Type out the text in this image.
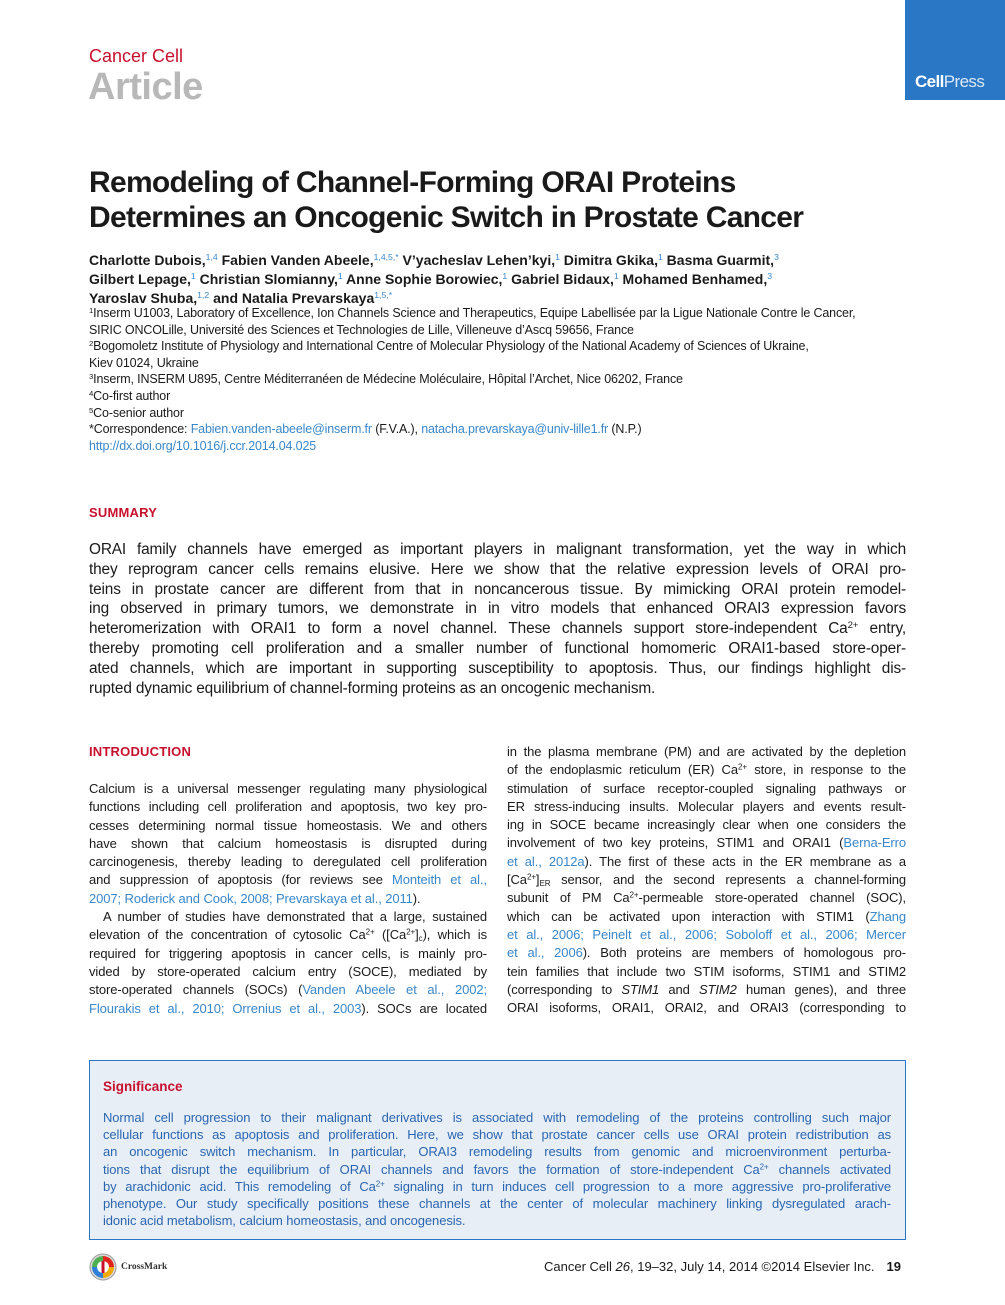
Cancer Cell
Article	CellPress
Remodeling of Channel-Forming ORAI Proteins
Determines an Oncogenic Switch in Prostate Cancer
Charlotte Dubois,$^{1,4}$ Fabien Vanden Abeele,$^{1,4,5,*}$ V’yacheslav Lehen’kyi,$^1$ Dimitra Gkika,$^1$ Basma Guarmit,$^3$
Gilbert Lepage,$^1$ Christian Slomianny,$^1$ Anne Sophie Borowiec,$^1$ Gabriel Bidaux,$^1$ Mohamed Benhamed,$^3$
Yaroslav Shuba,$^{1,2}$ and Natalia Prevarskaya$^{1,5,*}$
$^1$Inserm U1003, Laboratory of Excellence, Ion Channels Science and Therapeutics, Equipe Labellisée par la Ligue Nationale Contre le Cancer,
SIRIC ONCOLille, Université des Sciences et Technologies de Lille, Villeneuve d’Ascq 59656, France
$^2$Bogomoletz Institute of Physiology and International Centre of Molecular Physiology of the National Academy of Sciences of Ukraine,
Kiev 01024, Ukraine
$^3$Inserm, INSERM U895, Centre Méditerranéen de Médecine Moléculaire, Hôpital l’Archet, Nice 06202, France
$^4$Co-first author
$^5$Co-senior author
*Correspondence: Fabien.vanden-abeele@inserm.fr (F.V.A.), natacha.prevarskaya@univ-lille1.fr (N.P.)
http://dx.doi.org/10.1016/j.ccr.2014.04.025
SUMMARY
ORAI family channels have emerged as important players in malignant transformation, yet the way in which
they reprogram cancer cells remains elusive. Here we show that the relative expression levels of ORAI pro-
teins in prostate cancer are different from that in noncancerous tissue. By mimicking ORAI protein remodel-
ing observed in primary tumors, we demonstrate in in vitro models that enhanced ORAI3 expression favors
heteromerization with ORAI1 to form a novel channel. These channels support store-independent $Ca^{2+}$ entry,
thereby promoting cell proliferation and a smaller number of functional homomeric ORAI1-based store-oper-
ated channels, which are important in supporting susceptibility to apoptosis. Thus, our findings highlight dis-
rupted dynamic equilibrium of channel-forming proteins as an oncogenic mechanism.
INTRODUCTION
Calcium is a universal messenger regulating many physiological
functions including cell proliferation and apoptosis, two key pro-
cesses determining normal tissue homeostasis. We and others
have shown that calcium homeostasis is disrupted during
carcinogenesis, thereby leading to deregulated cell proliferation
and suppression of apoptosis (for reviews see Monteith et al.,
2007; Roderick and Cook, 2008; Prevarskaya et al., 2011).
A number of studies have demonstrated that a large, sustained
elevation of the concentration of cytosolic $Ca^{2+}$ $([Ca^{2+}]_c)$, which is
required for triggering apoptosis in cancer cells, is mainly pro-
vided by store-operated calcium entry (SOCE), mediated by
store-operated channels (SOCs) (Vanden Abeele et al., 2002;
Flourakis et al., 2010; Orrenius et al., 2003). SOCs are located
in the plasma membrane (PM) and are activated by the depletion
of the endoplasmic reticulum (ER) $Ca^{2+}$ store, in response to the
stimulation of surface receptor-coupled signaling pathways or
ER stress-inducing insults. Molecular players and events result-
ing in SOCE became increasingly clear when one considers the
involvement of two key proteins, STIM1 and ORAI1 (Berna-Erro
et al., 2012a). The first of these acts in the ER membrane as a
$[Ca^{2+}]_{ER}$ sensor, and the second represents a channel-forming
subunit of PM $Ca^{2+}$-permeable store-operated channel (SOC),
which can be activated upon interaction with STIM1 (Zhang
et al., 2006; Peinelt et al., 2006; Soboloff et al., 2006; Mercer
et al., 2006). Both proteins are members of homologous pro-
tein families that include two STIM isoforms, STIM1 and STIM2
(corresponding to STIM1 and STIM2 human genes), and three
ORAI isoforms, ORAI1, ORAI2, and ORAI3 (corresponding to
Significance
Normal cell progression to their malignant derivatives is associated with remodeling of the proteins controlling such major
cellular functions as apoptosis and proliferation. Here, we show that prostate cancer cells use ORAI protein redistribution as
an oncogenic switch mechanism. In particular, ORAI3 remodeling results from genomic and microenvironment perturba-
tions that disrupt the equilibrium of ORAI channels and favors the formation of store-independent $Ca^{2+}$ channels activated
by arachidonic acid. This remodeling of $Ca^{2+}$ signaling in turn induces cell progression to a more aggressive pro-proliferative
phenotype. Our study specifically positions these channels at the center of molecular machinery linking dysregulated arach-
idonic acid metabolism, calcium homeostasis, and oncogenesis.
CrossMark	Cancer Cell 26, 19–32, July 14, 2014 ©2014 Elsevier Inc. 19
